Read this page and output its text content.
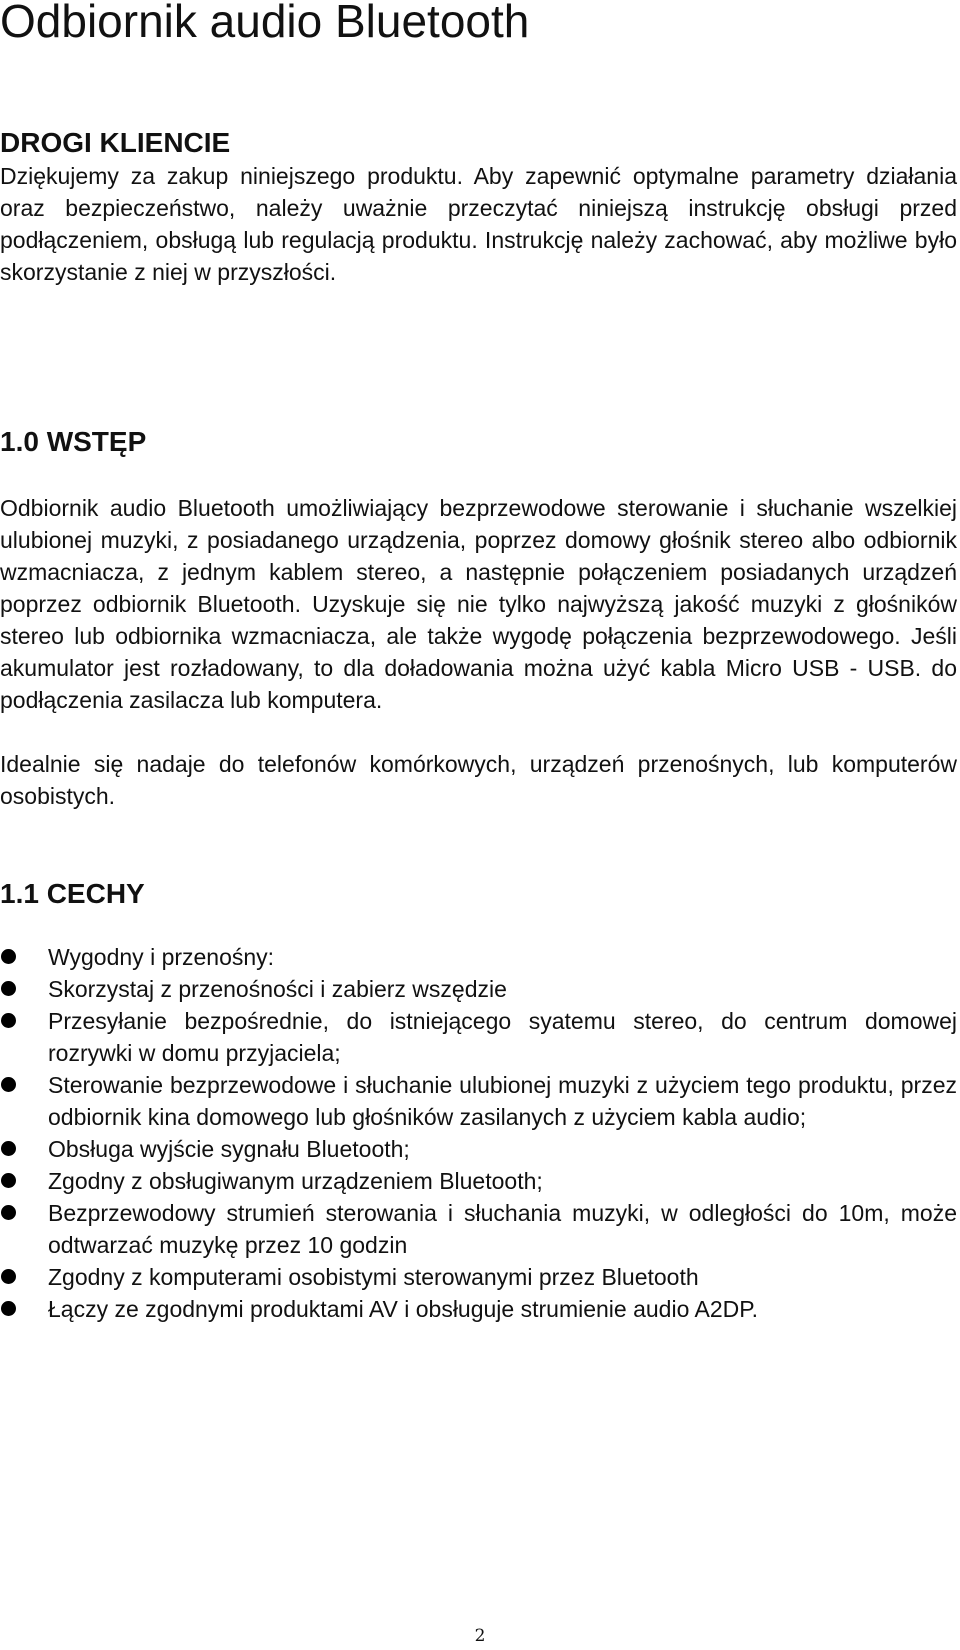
Odbiornik audio Bluetooth
DROGI KLIENCIE

Dziękujemy za zakup niniejszego produktu. Aby zapewnić optymalne parametry działania oraz bezpieczeństwo, należy uważnie przeczytać niniejszą instrukcję obsługi przed podłączeniem, obsługą lub regulacją produktu. Instrukcję należy zachować, aby możliwe było skorzystanie z niej w przyszłości.

1.0 WSTĘP

Odbiornik audio Bluetooth umożliwiający bezprzewodowe sterowanie i słuchanie wszelkiej ulubionej muzyki, z posiadanego urządzenia, poprzez domowy głośnik stereo albo odbiornik wzmacniacza, z jednym kablem stereo, a następnie połączeniem posiadanych urządzeń poprzez odbiornik Bluetooth. Uzyskuje się nie tylko najwyższą jakość muzyki z głośników stereo lub odbiornika wzmacniacza, ale także wygodę połączenia bezprzewodowego. Jeśli akumulator jest rozładowany, to dla doładowania można użyć kabla Micro USB - USB. do podłączenia zasilacza lub komputera.

Idealnie się nadaje do telefonów komórkowych, urządzeń przenośnych, lub komputerów osobistych.

1.1 CECHY
Wygodny i przenośny:
Skorzystaj z przenośności i zabierz wszędzie
Przesyłanie bezpośrednie, do istniejącego syatemu stereo, do centrum domowej rozrywki w domu przyjaciela;
Sterowanie bezprzewodowe i słuchanie ulubionej muzyki z użyciem tego produktu, przez odbiornik kina domowego lub głośników zasilanych z użyciem kabla audio;
Obsługa wyjście sygnału Bluetooth;
Zgodny z obsługiwanym urządzeniem Bluetooth;
Bezprzewodowy strumień sterowania i słuchania muzyki, w odległości do 10m, może odtwarzać muzykę przez 10 godzin
Zgodny z komputerami osobistymi sterowanymi przez Bluetooth
Łączy ze zgodnymi produktami AV i obsługuje strumienie audio A2DP.
2
